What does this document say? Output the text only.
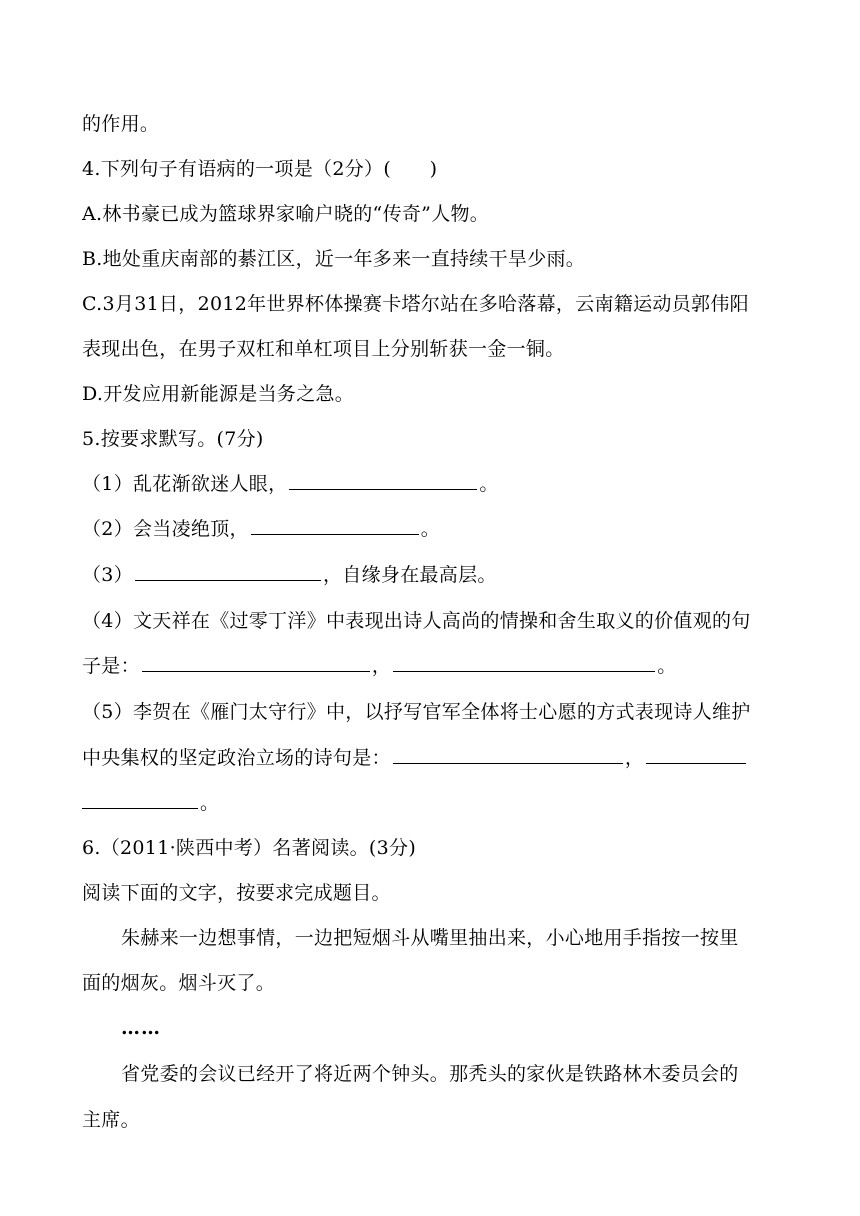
的作用。
4.下列句子有语病的一项是（2分）(　　)
A.林书豪已成为篮球界家喻户晓的“传奇”人物。
B.地处重庆南部的綦江区，近一年多来一直持续干旱少雨。
C.3月31日，2012年世界杯体操赛卡塔尔站在多哈落幕，云南籍运动员郭伟阳
表现出色，在男子双杠和单杠项目上分别斩获一金一铜。
D.开发应用新能源是当务之急。
5.按要求默写。(7分)
（1）乱花渐欲迷人眼，	。
（2）会当凌绝顶，	。
（3）	，自缘身在最高层。
（4）文天祥在《过零丁洋》中表现出诗人高尚的情操和舍生取义的价值观的句
子是：	，	。
（5）李贺在《雁门太守行》中，以抒写官军全体将士心愿的方式表现诗人维护
中央集权的坚定政治立场的诗句是：	，
。
6.（2011·陕西中考）名著阅读。(3分)
阅读下面的文字，按要求完成题目。
朱赫来一边想事情，一边把短烟斗从嘴里抽出来，小心地用手指按一按里
面的烟灰。烟斗灭了。
……
省党委的会议已经开了将近两个钟头。那秃头的家伙是铁路林木委员会的
主席。
